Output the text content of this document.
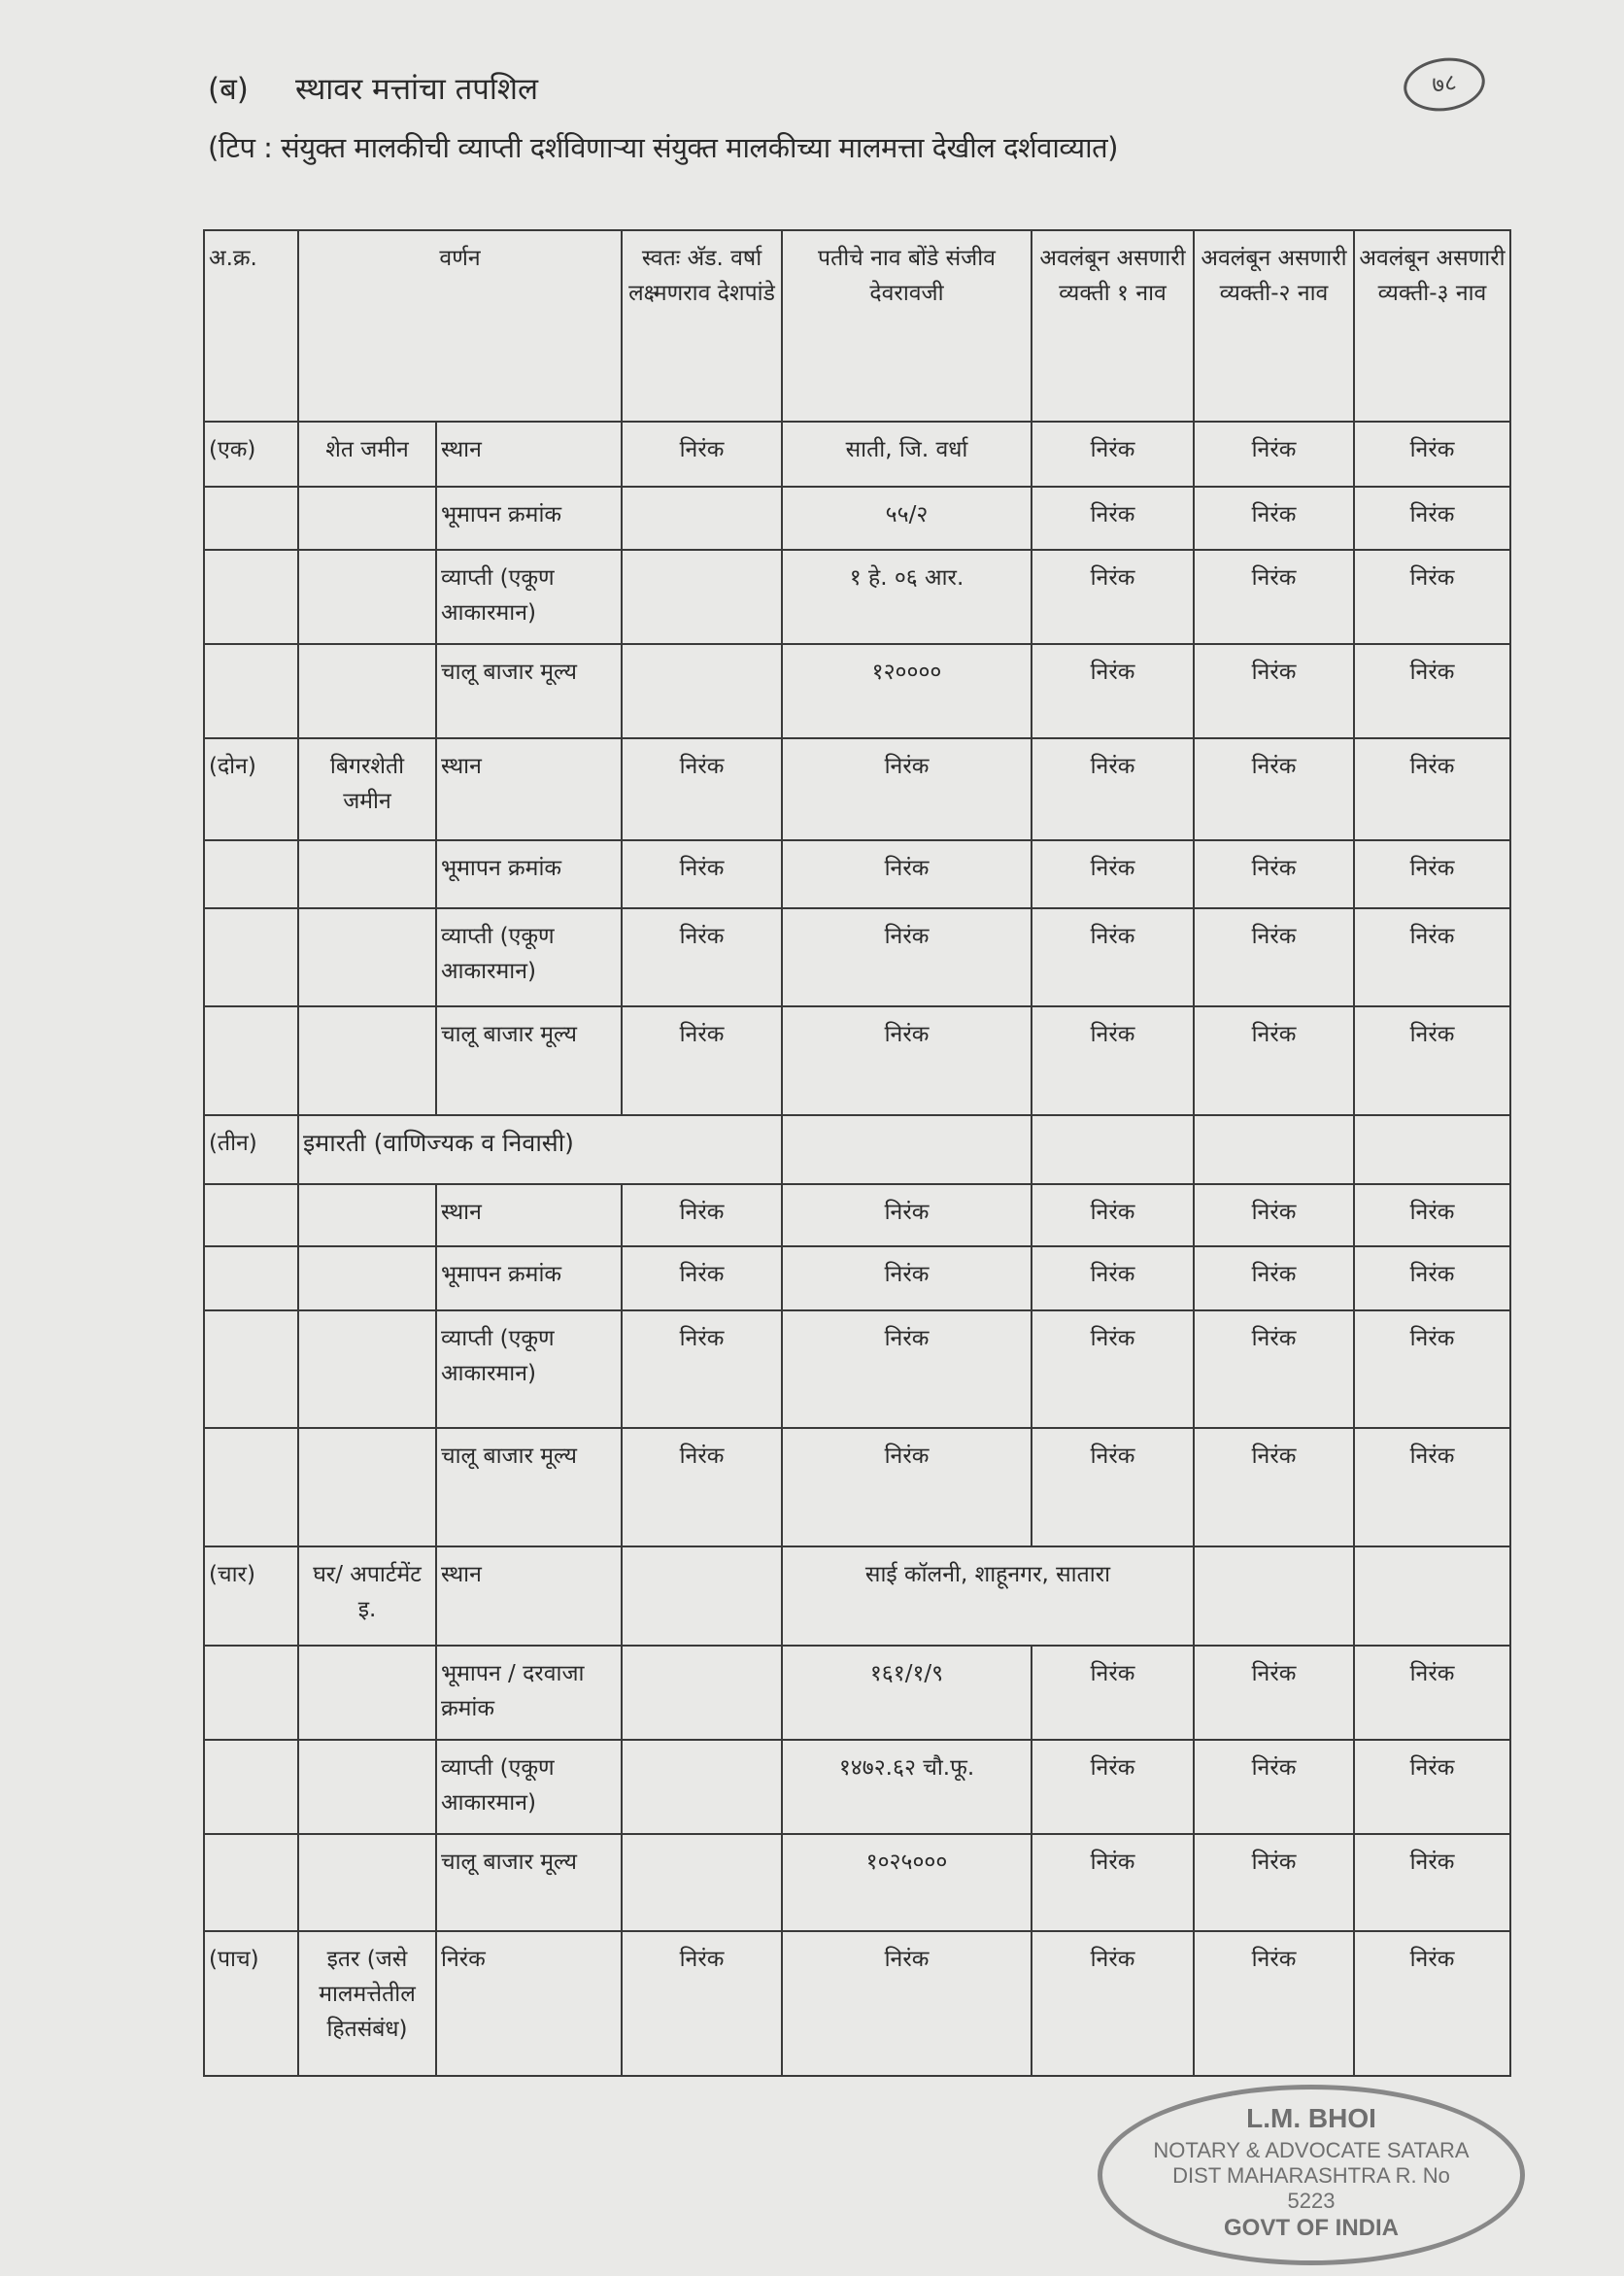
(ब) स्थावर मत्तांचा तपशिल
(टिप : संयुक्त मालकीची व्याप्ती दर्शविणाऱ्या संयुक्त मालकीच्या मालमत्ता देखील दर्शवाव्यात)
७८
अ.क्र.	वर्णन		स्वतः अ‍ॅड. वर्षा लक्ष्मणराव देशपांडे	पतीचे नाव बोंडे संजीव देवरावजी	अवलंबून असणारी व्यक्ती १ नाव	अवलंबून असणारी व्यक्ती-२ नाव	अवलंबून असणारी व्यक्ती-३ नाव
(एक)	शेत जमीन	स्थान	निरंक	साती, जि. वर्धा	निरंक	निरंक	निरंक
		भूमापन क्रमांक		५५/२	निरंक	निरंक	निरंक
		व्याप्ती (एकूण आकारमान)		१ हे. ०६ आर.	निरंक	निरंक	निरंक
		चालू बाजार मूल्य		१२००००	निरंक	निरंक	निरंक
(दोन)	बिगरशेती जमीन	स्थान	निरंक	निरंक	निरंक	निरंक	निरंक
		भूमापन क्रमांक	निरंक	निरंक	निरंक	निरंक	निरंक
		व्याप्ती (एकूण आकारमान)	निरंक	निरंक	निरंक	निरंक	निरंक
		चालू बाजार मूल्य	निरंक	निरंक	निरंक	निरंक	निरंक
(तीन)	इमारती (वाणिज्यक व निवासी)						
		स्थान	निरंक	निरंक	निरंक	निरंक	निरंक
		भूमापन क्रमांक	निरंक	निरंक	निरंक	निरंक	निरंक
		व्याप्ती (एकूण आकारमान)	निरंक	निरंक	निरंक	निरंक	निरंक
		चालू बाजार मूल्य	निरंक	निरंक	निरंक	निरंक	निरंक
(चार)	घर/ अपार्टमेंट इ.	स्थान		साई कॉलनी, शाहूनगर, सातारा			
		भूमापन / दरवाजा क्रमांक		१६१/१/९	निरंक	निरंक	निरंक
		व्याप्ती (एकूण आकारमान)		१४७२.६२ चौ.फू.	निरंक	निरंक	निरंक
		चालू बाजार मूल्य		१०२५०००	निरंक	निरंक	निरंक
(पाच)	इतर (जसे मालमत्तेतील हितसंबंध)	निरंक	निरंक	निरंक	निरंक	निरंक	निरंक
L.M. BHOI
NOTARY & ADVOCATE SATARA DIST MAHARASHTRA R. No 5223
GOVT OF INDIA
